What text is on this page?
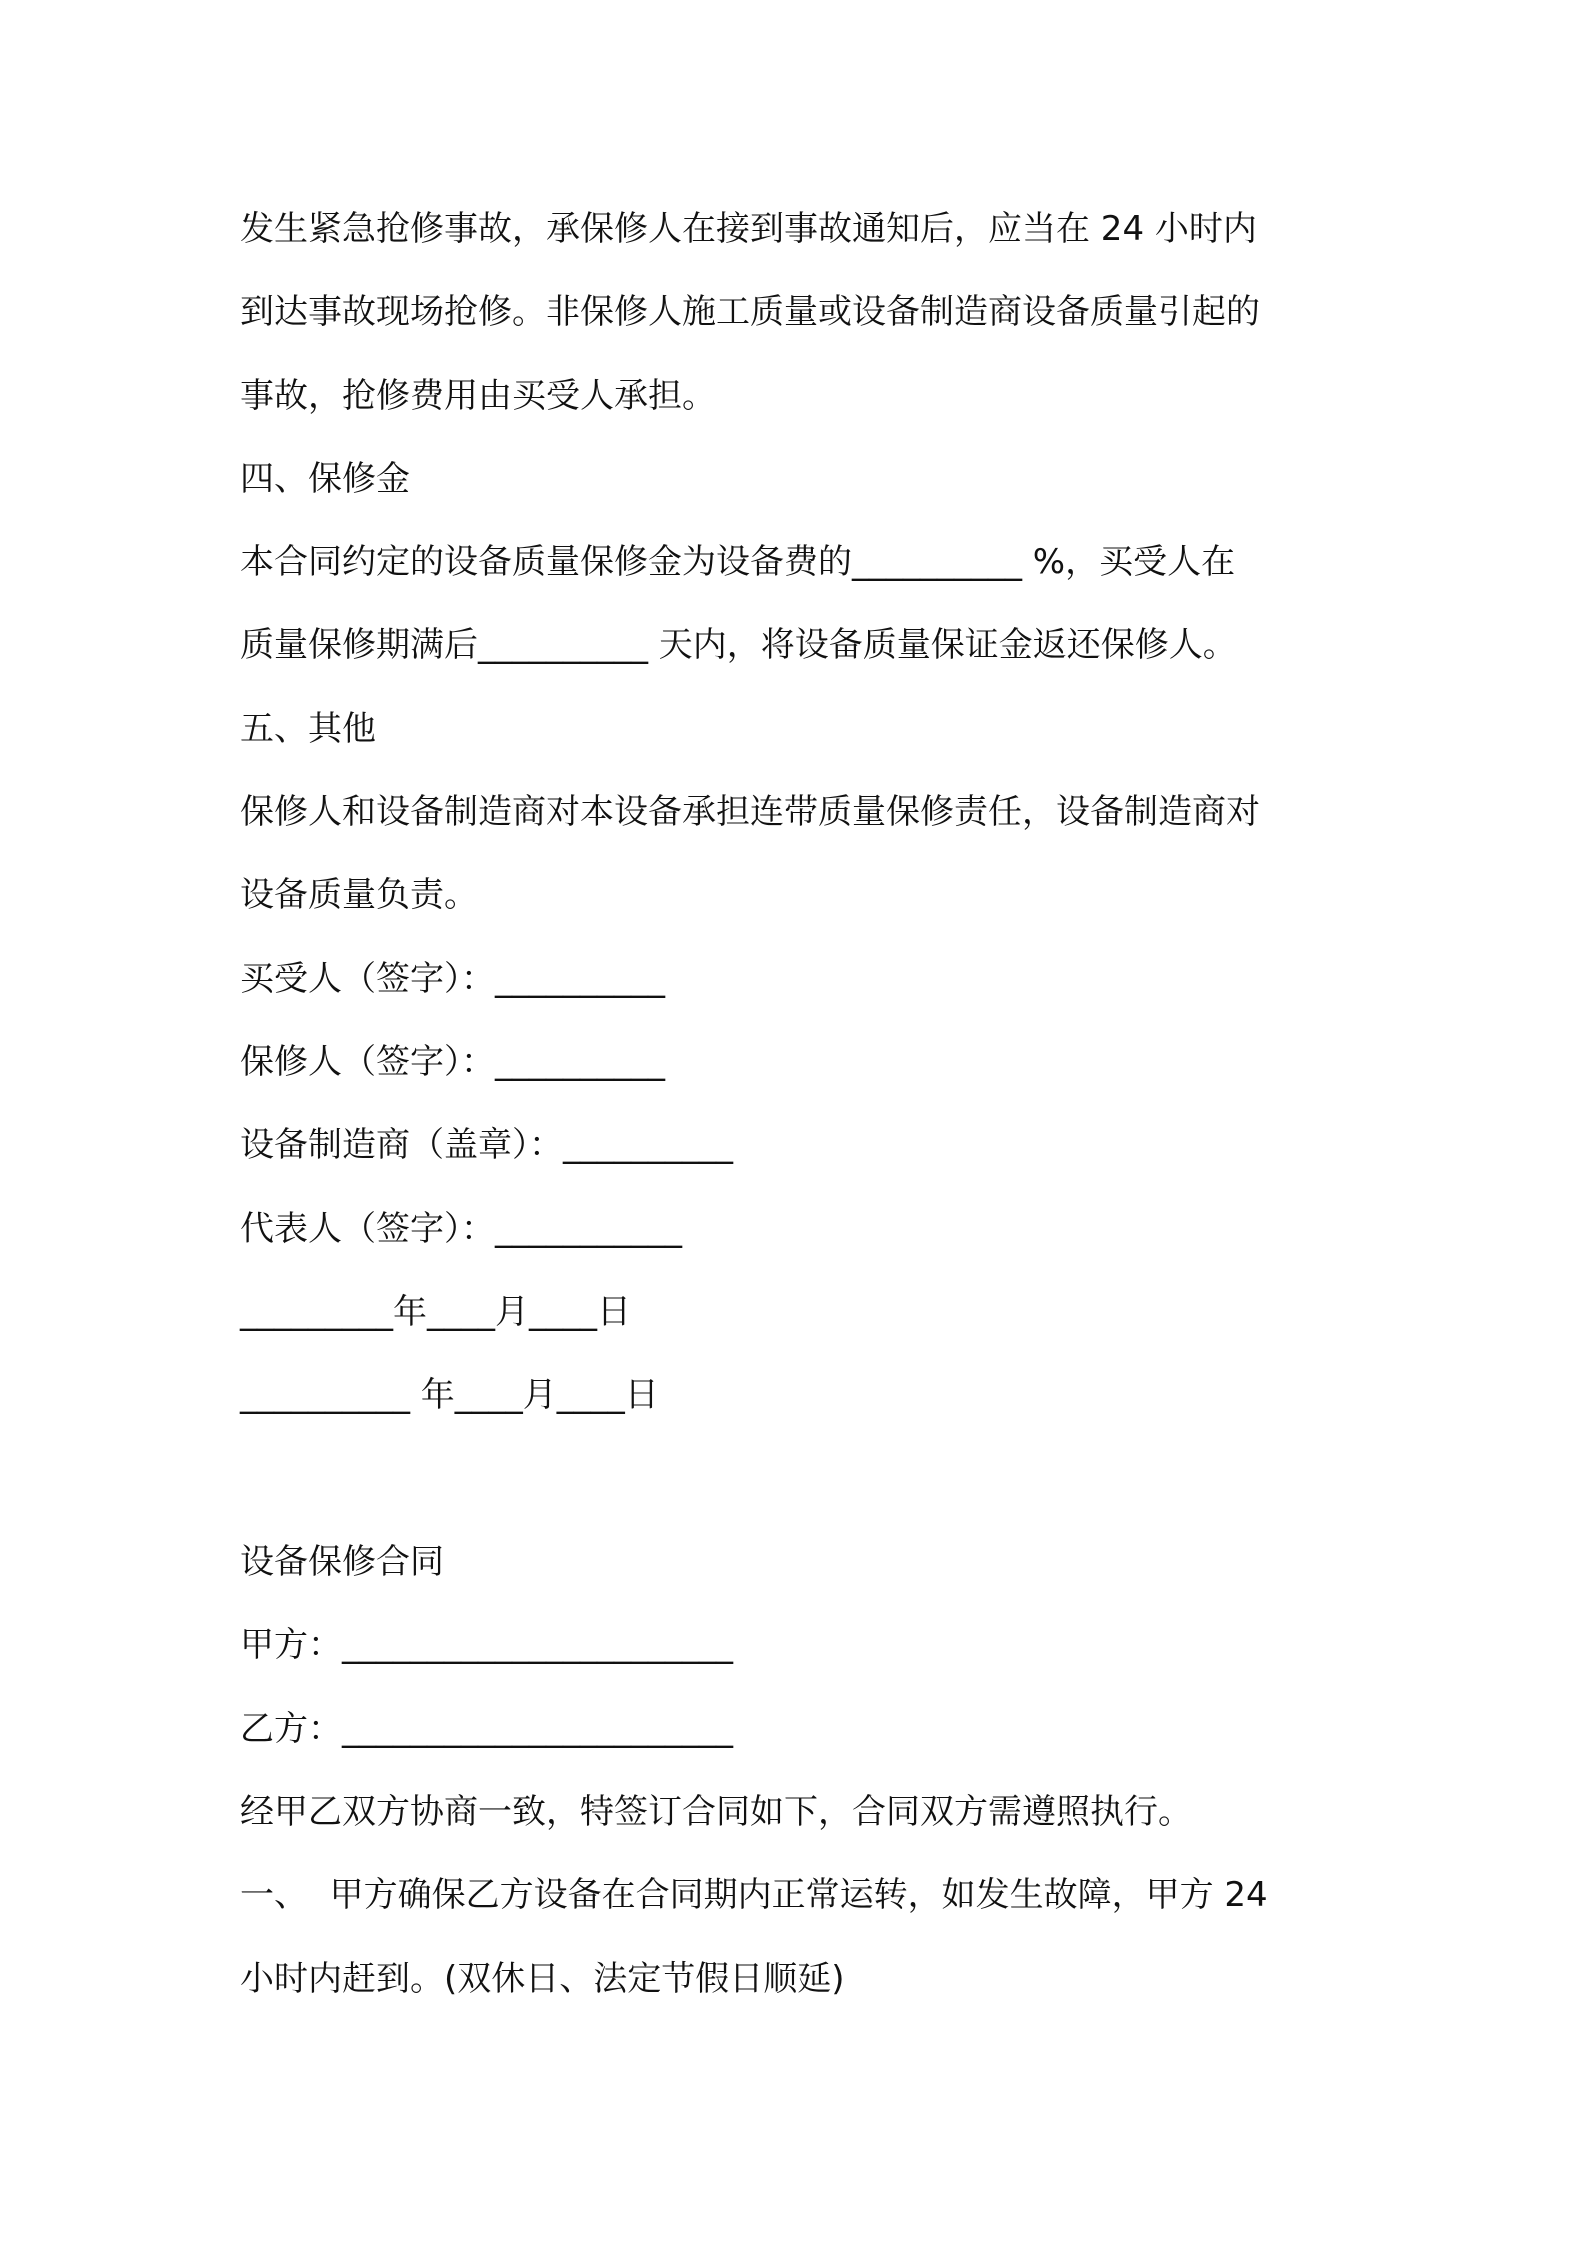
发生紧急抢修事故，承保修人在接到事故通知后，应当在 24 小时内
到达事故现场抢修。非保修人施工质量或设备制造商设备质量引起的
事故，抢修费用由买受人承担。
四、保修金
本合同约定的设备质量保修金为设备费的__________ %，买受人在
质量保修期满后__________ 天内，将设备质量保证金返还保修人。
五、其他
保修人和设备制造商对本设备承担连带质量保修责任，设备制造商对
设备质量负责。
买受人（签字）：__________
保修人（签字）：__________
设备制造商（盖章）：__________
代表人（签字）：___________
_________年____月____日
__________ 年____月____日
设备保修合同
甲方：_______________________
乙方：_______________________
经甲乙双方协商一致，特签订合同如下，合同双方需遵照执行。
一、  甲方确保乙方设备在合同期内正常运转，如发生故障，甲方 24
小时内赶到。(双休日、法定节假日顺延)
